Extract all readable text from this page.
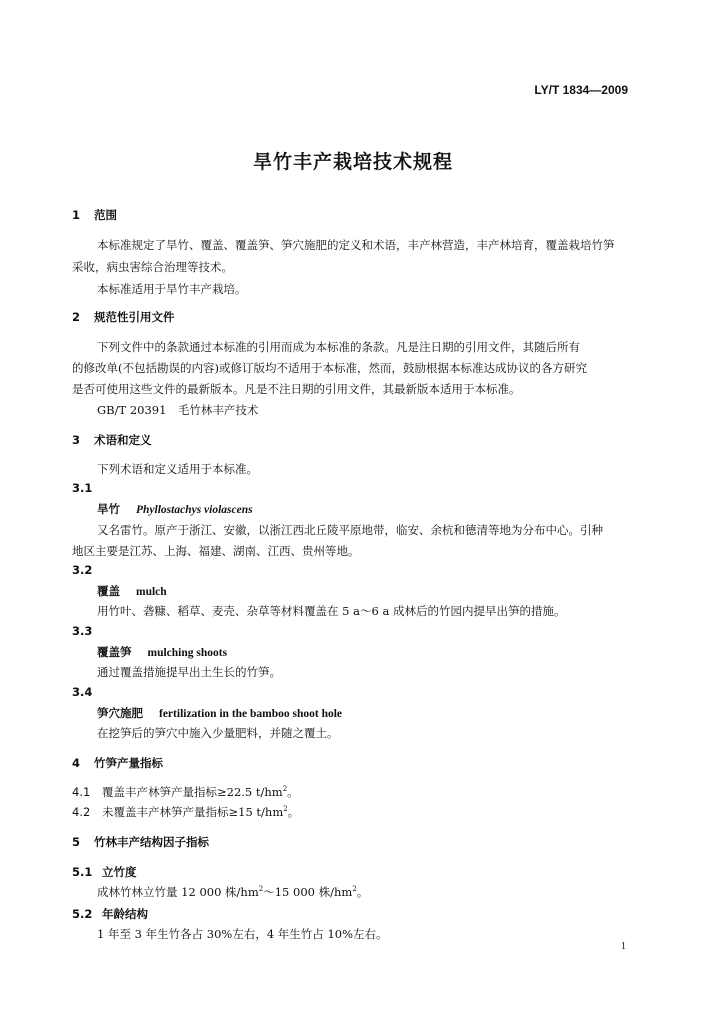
LY/T 1834—2009
旱竹丰产栽培技术规程
1 范围
本标准规定了旱竹、覆盖、覆盖笋、笋穴施肥的定义和术语，丰产林营造，丰产林培育，覆盖栽培竹笋
采收，病虫害综合治理等技术。
本标准适用于旱竹丰产栽培。
2 规范性引用文件
下列文件中的条款通过本标准的引用而成为本标准的条款。凡是注日期的引用文件，其随后所有
的修改单(不包括勘误的内容)或修订版均不适用于本标准，然而，鼓励根据本标准达成协议的各方研究
是否可使用这些文件的最新版本。凡是不注日期的引用文件，其最新版本适用于本标准。
GB/T 20391　毛竹林丰产技术
3 术语和定义
下列术语和定义适用于本标准。
3.1
旱竹 Phyllostachys violascens
又名雷竹。原产于浙江、安徽，以浙江西北丘陵平原地带，临安、余杭和德清等地为分布中心。引种
地区主要是江苏、上海、福建、湖南、江西、贵州等地。
3.2
覆盖 mulch
用竹叶、砻糠、稻草、麦壳、杂草等材料覆盖在 5 a～6 a 成林后的竹园内提早出笋的措施。
3.3
覆盖笋 mulching shoots
通过覆盖措施提早出土生长的竹笋。
3.4
笋穴施肥 fertilization in the bamboo shoot hole
在挖笋后的笋穴中施入少量肥料，并随之覆土。
4 竹笋产量指标
4.1 覆盖丰产林笋产量指标≥22.5 $t/hm^2$。
4.2 未覆盖丰产林笋产量指标≥15 $t/hm^2$。
5 竹林丰产结构因子指标
5.1 立竹度
成林竹林立竹量 12 000 株$/hm^2\sim 15$ 000 株$/hm^2$。
5.2 年龄结构
1 年至 3 年生竹各占 30%左右，4 年生竹占 10%左右。
1
